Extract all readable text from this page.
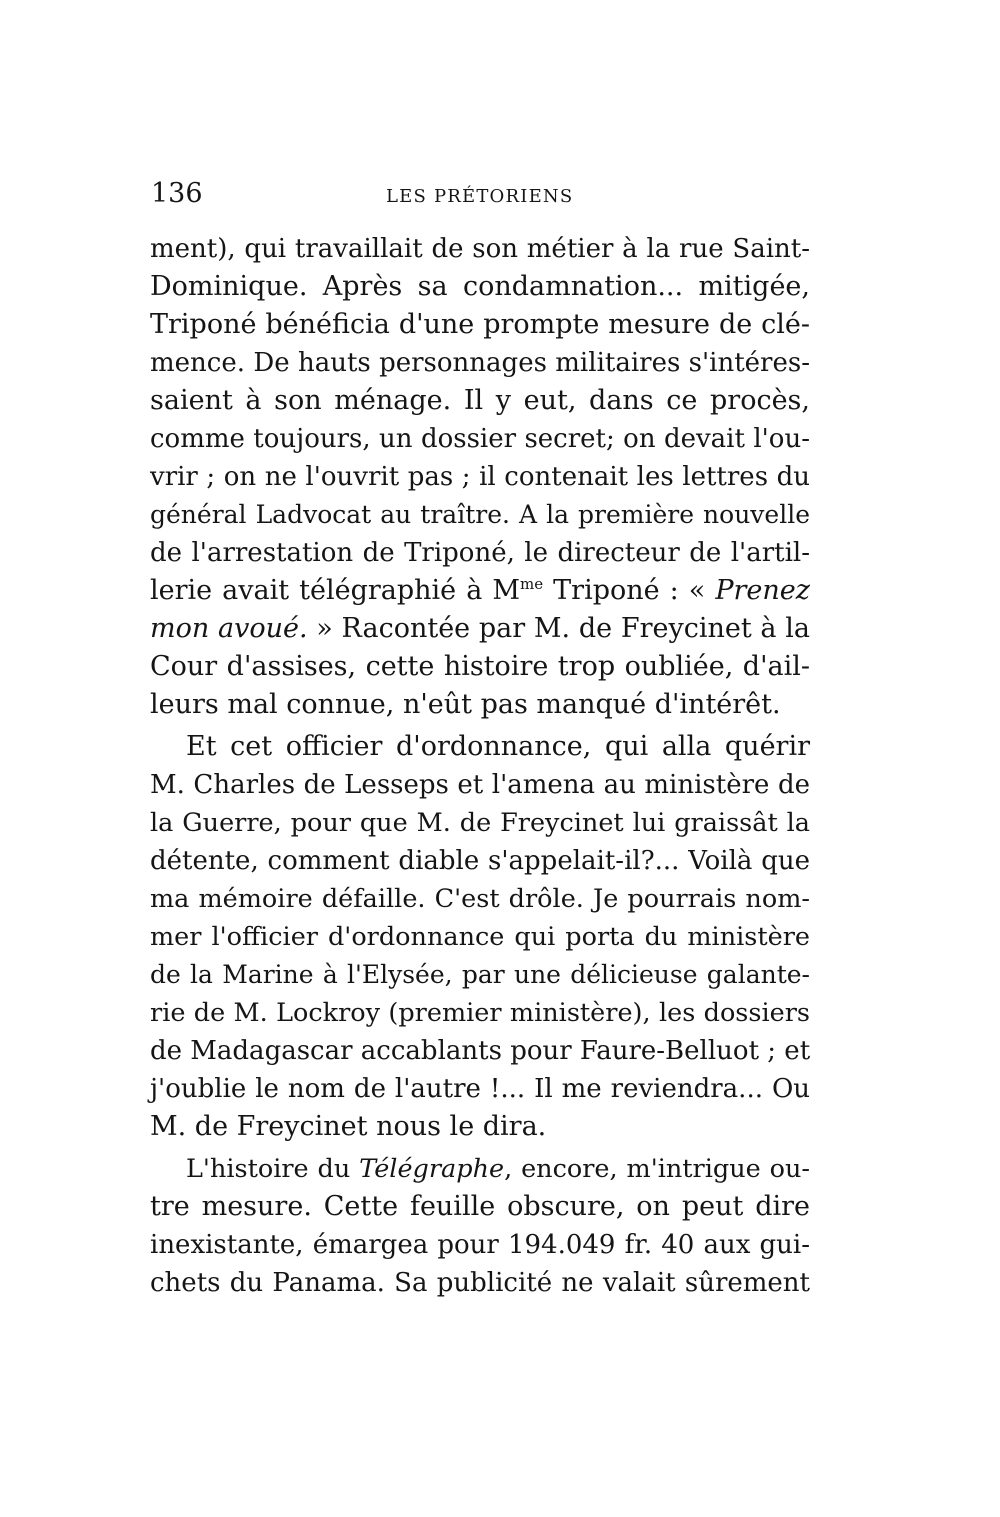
136	LES PRÉTORIENS

ment), qui travaillait de son métier à la rue Saint-

Dominique. Après sa condamnation... mitigée,

Triponé bénéficia d'une prompte mesure de clé-

mence. De hauts personnages militaires s'intéres-

saient à son ménage. Il y eut, dans ce procès,

comme toujours, un dossier secret; on devait l'ou-

vrir ; on ne l'ouvrit pas ; il contenait les lettres du

général Ladvocat au traître. A la première nouvelle

de l'arrestation de Triponé, le directeur de l'artil-

lerie avait télégraphié à $M^{me}$ Triponé : « Prenez

mon avoué. » Racontée par M. de Freycinet à la

Cour d'assises, cette histoire trop oubliée, d'ail-

leurs mal connue, n'eût pas manqué d'intérêt.

Et cet officier d'ordonnance, qui alla quérir

M. Charles de Lesseps et l'amena au ministère de

la Guerre, pour que M. de Freycinet lui graissât la

détente, comment diable s'appelait-il?... Voilà que

ma mémoire défaille. C'est drôle. Je pourrais nom-

mer l'officier d'ordonnance qui porta du ministère

de la Marine à l'Elysée, par une délicieuse galante-

rie de M. Lockroy (premier ministère), les dossiers

de Madagascar accablants pour Faure-Belluot ; et

j'oublie le nom de l'autre !... Il me reviendra... Ou

M. de Freycinet nous le dira.

L'histoire du Télégraphe, encore, m'intrigue ou-

tre mesure. Cette feuille obscure, on peut dire

inexistante, émargea pour 194.049 fr. 40 aux gui-

chets du Panama. Sa publicité ne valait sûrement
